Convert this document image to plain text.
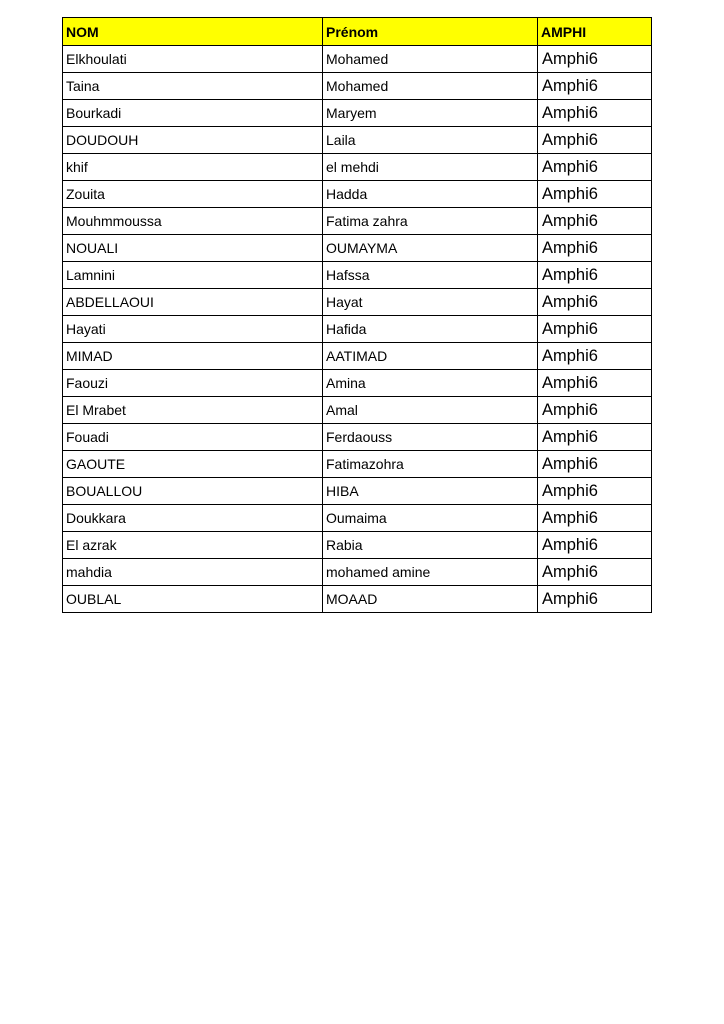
NOM	Prénom	AMPHI
Elkhoulati	Mohamed	Amphi6
Taina	Mohamed	Amphi6
Bourkadi	Maryem	Amphi6
DOUDOUH	Laila	Amphi6
khif	el mehdi	Amphi6
Zouita	Hadda	Amphi6
Mouhmmoussa	Fatima zahra	Amphi6
NOUALI	OUMAYMA	Amphi6
Lamnini	Hafssa	Amphi6
ABDELLAOUI	Hayat	Amphi6
Hayati	Hafida	Amphi6
MIMAD	AATIMAD	Amphi6
Faouzi	Amina	Amphi6
El Mrabet	Amal	Amphi6
Fouadi	Ferdaouss	Amphi6
GAOUTE	Fatimazohra	Amphi6
BOUALLOU	HIBA	Amphi6
Doukkara	Oumaima	Amphi6
El azrak	Rabia	Amphi6
mahdia	mohamed amine	Amphi6
OUBLAL	MOAAD	Amphi6
